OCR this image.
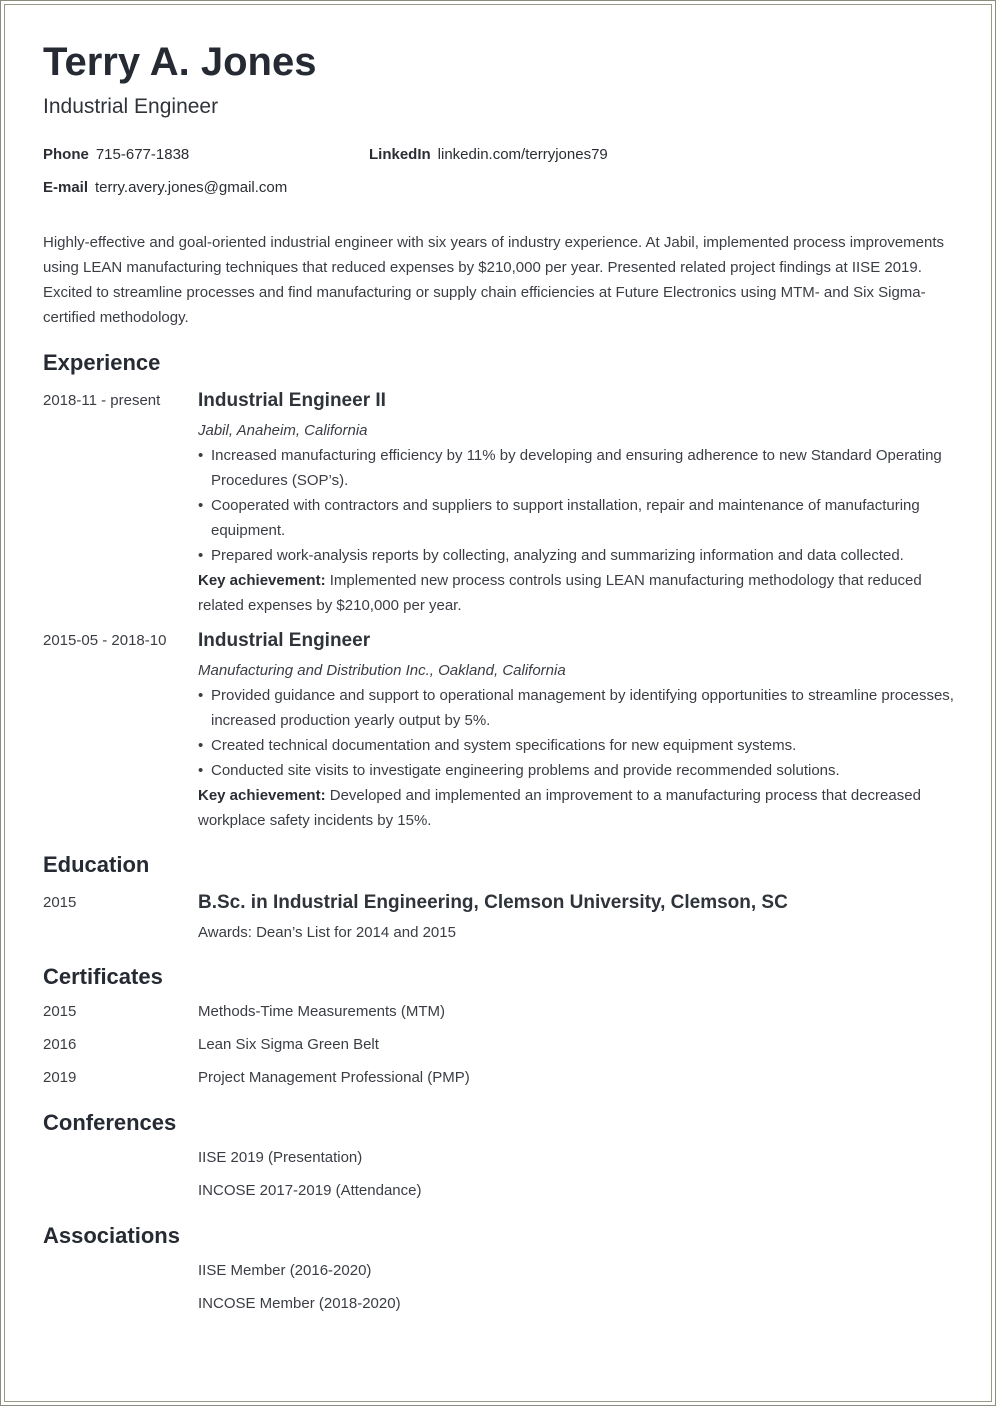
Terry A. Jones
Industrial Engineer
Phone 715-677-1838	LinkedIn linkedin.com/terryjones79
E-mail terry.avery.jones@gmail.com
Highly-effective and goal-oriented industrial engineer with six years of industry experience. At Jabil, implemented process improvements using LEAN manufacturing techniques that reduced expenses by $210,000 per year. Presented related project findings at IISE 2019. Excited to streamline processes and find manufacturing or supply chain efficiencies at Future Electronics using MTM- and Six Sigma-certified methodology.
Experience
2018-11 - present Industrial Engineer II
Jabil, Anaheim, California
• Increased manufacturing efficiency by 11% by developing and ensuring adherence to new Standard Operating Procedures (SOP’s).
• Cooperated with contractors and suppliers to support installation, repair and maintenance of manufacturing equipment.
• Prepared work-analysis reports by collecting, analyzing and summarizing information and data collected.
Key achievement: Implemented new process controls using LEAN manufacturing methodology that reduced related expenses by $210,000 per year.
2015-05 - 2018-10 Industrial Engineer
Manufacturing and Distribution Inc., Oakland, California
• Provided guidance and support to operational management by identifying opportunities to streamline processes, increased production yearly output by 5%.
• Created technical documentation and system specifications for new equipment systems.
• Conducted site visits to investigate engineering problems and provide recommended solutions.
Key achievement: Developed and implemented an improvement to a manufacturing process that decreased workplace safety incidents by 15%.
Education
2015	B.Sc. in Industrial Engineering, Clemson University, Clemson, SC
Awards: Dean’s List for 2014 and 2015
Certificates
2015	Methods-Time Measurements (MTM)
2016	Lean Six Sigma Green Belt
2019	Project Management Professional (PMP)
Conferences
IISE 2019 (Presentation)
INCOSE 2017-2019 (Attendance)
Associations
IISE Member (2016-2020)
INCOSE Member (2018-2020)
